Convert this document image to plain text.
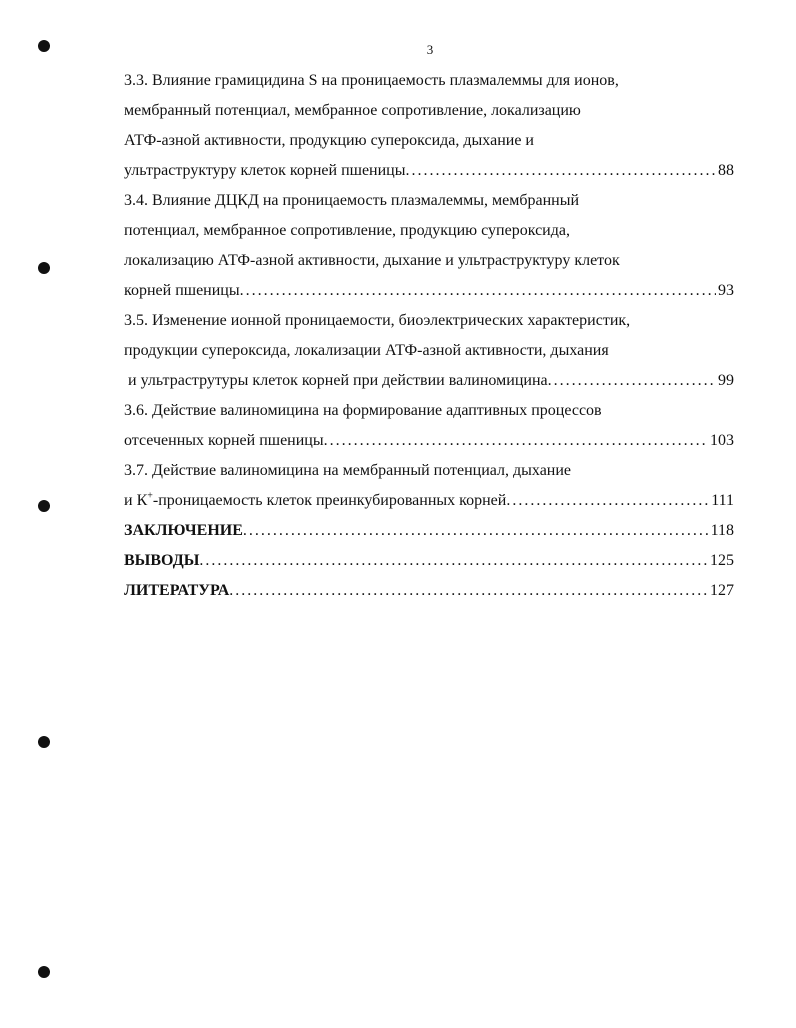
3
3.3. Влияние грамицидина S на проницаемость плазмалеммы для ионов,
мембранный потенциал, мембранное сопротивление, локализацию
АТФ-азной активности, продукцию супероксида, дыхание и
ультраструктуру клеток корней пшеницы . . .	88
3.4. Влияние ДЦКД на проницаемость плазмалеммы, мембранный
потенциал, мембранное сопротивление, продукцию супероксида,
локализацию АТФ-азной активности, дыхание и ультраструктуру клеток
корней пшеницы . . .	93
3.5. Изменение ионной проницаемости, биоэлектрических характеристик,
продукции супероксида, локализации АТФ-азной активности, дыхания
и ультраструтуры клеток корней при действии валиномицина . . .	99
3.6. Действие валиномицина на формирование адаптивных процессов
отсеченных корней пшеницы . . .	103
3.7. Действие валиномицина на мембранный потенциал, дыхание
и К+-проницаемость клеток преинкубированных корней . . .	111
ЗАКЛЮЧЕНИЕ . . .	118
ВЫВОДЫ . . .	125
ЛИТЕРАТУРА . . .	127
